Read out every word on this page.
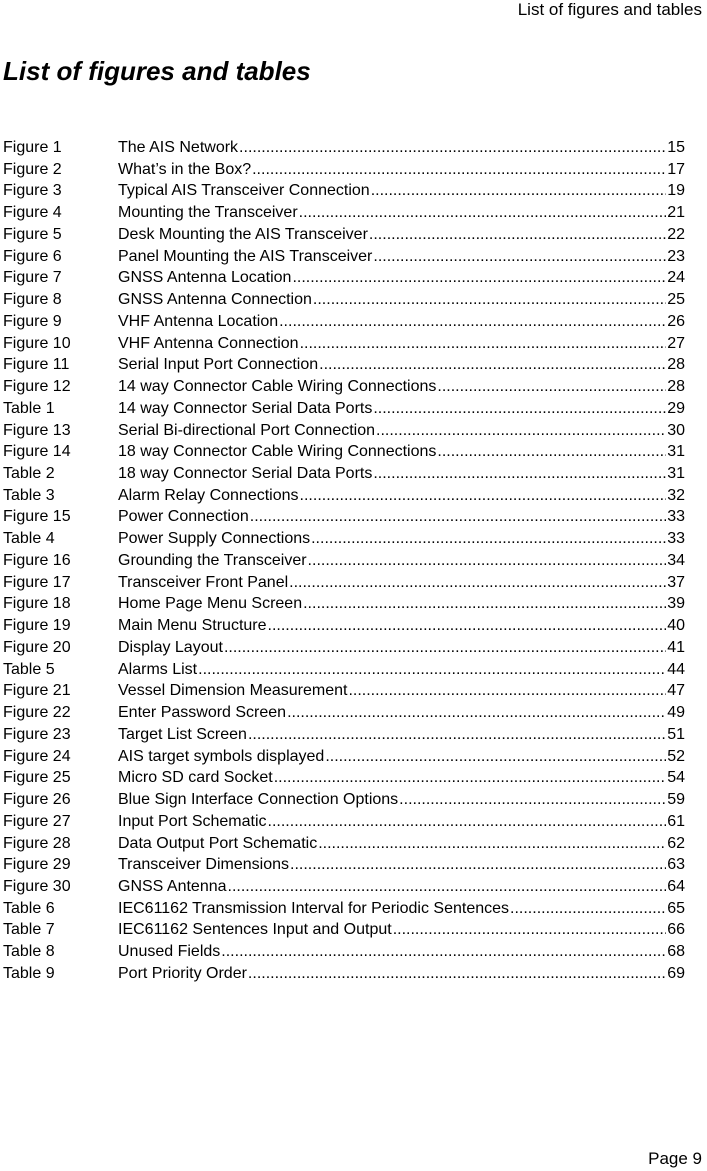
List of figures and tables
List of figures and tables
Figure 1	The AIS Network .....	15
Figure 2	What’s in the Box? .....	17
Figure 3	Typical AIS Transceiver Connection .....	19
Figure 4	Mounting the Transceiver .....	21
Figure 5	Desk Mounting the AIS Transceiver .....	22
Figure 6	Panel Mounting the AIS Transceiver .....	23
Figure 7	GNSS Antenna Location .....	24
Figure 8	GNSS Antenna Connection .....	25
Figure 9	VHF Antenna Location .....	26
Figure 10	VHF Antenna Connection .....	27
Figure 11	Serial Input Port Connection .....	28
Figure 12	14 way Connector Cable Wiring Connections .....	28
Table 1	14 way Connector Serial Data Ports .....	29
Figure 13	Serial Bi-directional Port Connection .....	30
Figure 14	18 way Connector Cable Wiring Connections .....	31
Table 2	18 way Connector Serial Data Ports .....	31
Table 3	Alarm Relay Connections .....	32
Figure 15	Power Connection .....	33
Table 4	Power Supply Connections .....	33
Figure 16	Grounding the Transceiver .....	34
Figure 17	Transceiver Front Panel .....	37
Figure 18	Home Page Menu Screen .....	39
Figure 19	Main Menu Structure .....	40
Figure 20	Display Layout .....	41
Table 5	Alarms List .....	44
Figure 21	Vessel Dimension Measurement .....	47
Figure 22	Enter Password Screen .....	49
Figure 23	Target List Screen .....	51
Figure 24	AIS target symbols displayed .....	52
Figure 25	Micro SD card Socket .....	54
Figure 26	Blue Sign Interface Connection Options .....	59
Figure 27	Input Port Schematic .....	61
Figure 28	Data Output Port Schematic .....	62
Figure 29	Transceiver Dimensions .....	63
Figure 30	GNSS Antenna .....	64
Table 6	IEC61162 Transmission Interval for Periodic Sentences .....	65
Table 7	IEC61162 Sentences Input and Output .....	66
Table 8	Unused Fields .....	68
Table 9	Port Priority Order .....	69
Page 9
